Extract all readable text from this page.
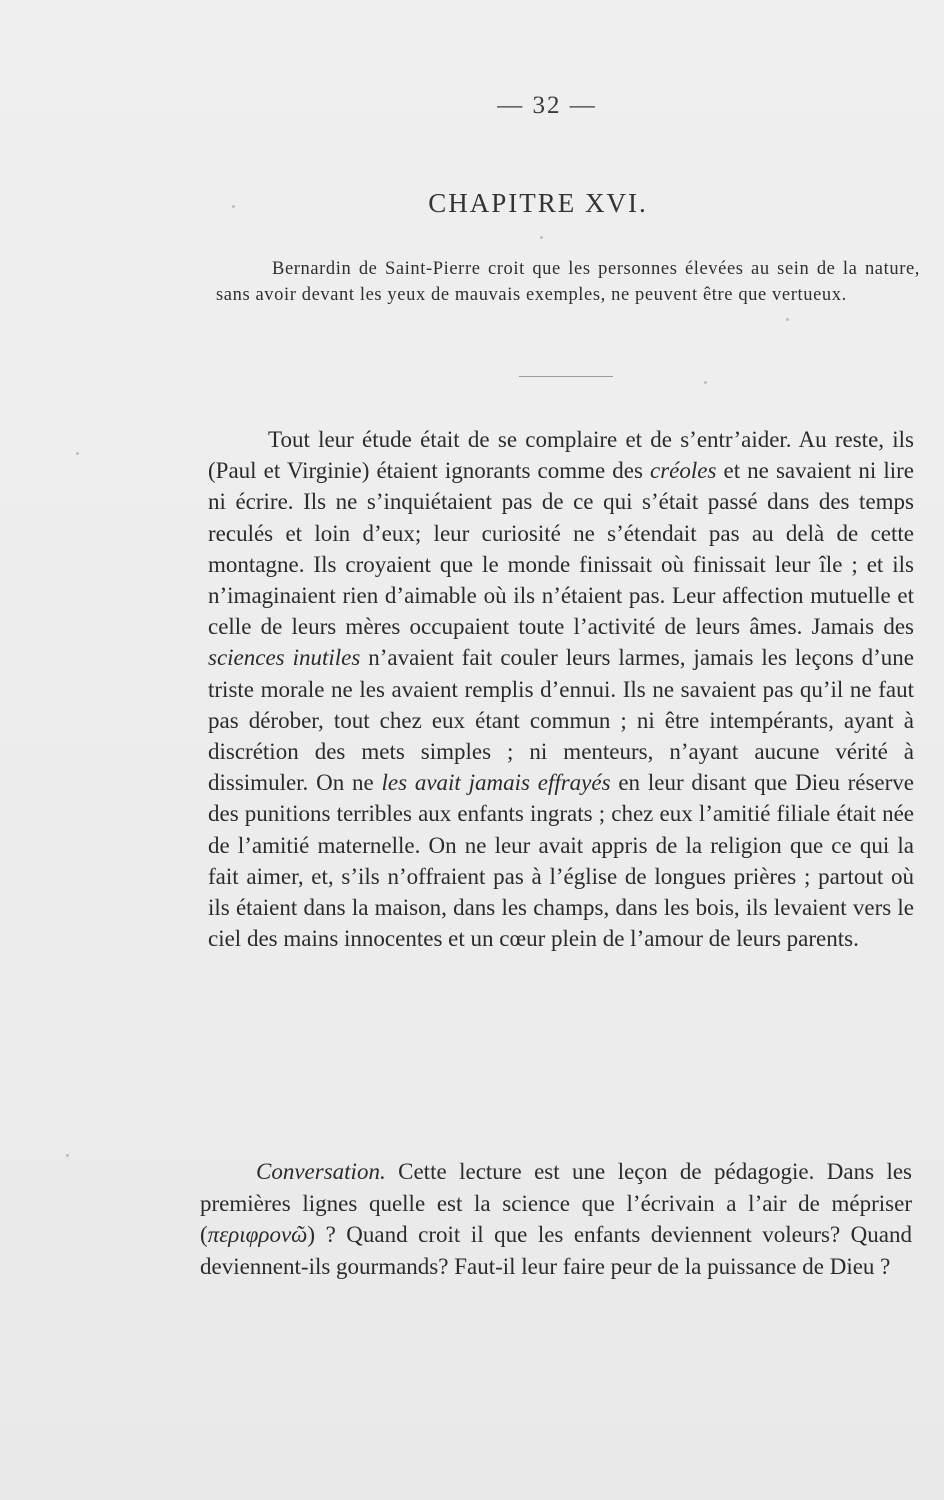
— 32 —
CHAPITRE XVI.
Bernardin de Saint-Pierre croit que les personnes élevées au sein de la nature, sans avoir devant les yeux de mauvais exemples, ne peuvent être que vertueux.

Tout leur étude était de se complaire et de s’entr’aider. Au reste, ils (Paul et Virginie) étaient ignorants comme des créoles et ne savaient ni lire ni écrire. Ils ne s’inquiétaient pas de ce qui s’était passé dans des temps reculés et loin d’eux; leur curiosité ne s’étendait pas au delà de cette montagne. Ils croyaient que le monde finissait où finissait leur île ; et ils n’imaginaient rien d’aimable où ils n’étaient pas. Leur affection mutuelle et celle de leurs mères occupaient toute l’activité de leurs âmes. Jamais des sciences inutiles n’avaient fait couler leurs larmes, jamais les leçons d’une triste morale ne les avaient remplis d’ennui. Ils ne savaient pas qu’il ne faut pas dérober, tout chez eux étant commun ; ni être intempérants, ayant à discrétion des mets simples ; ni menteurs, n’ayant aucune vérité à dissimuler. On ne les avait jamais effrayés en leur disant que Dieu réserve des punitions terribles aux enfants ingrats ; chez eux l’amitié filiale était née de l’amitié maternelle. On ne leur avait appris de la religion que ce qui la fait aimer, et, s’ils n’offraient pas à l’église de longues prières ; partout où ils étaient dans la maison, dans les champs, dans les bois, ils levaient vers le ciel des mains innocentes et un cœur plein de l’amour de leurs parents.

Conversation. Cette lecture est une leçon de pédagogie. Dans les premières lignes quelle est la science que l’écrivain a l’air de mépriser (περιφρονῶ) ? Quand croit il que les enfants deviennent voleurs? Quand deviennent-ils gourmands? Faut-il leur faire peur de la puissance de Dieu ?
